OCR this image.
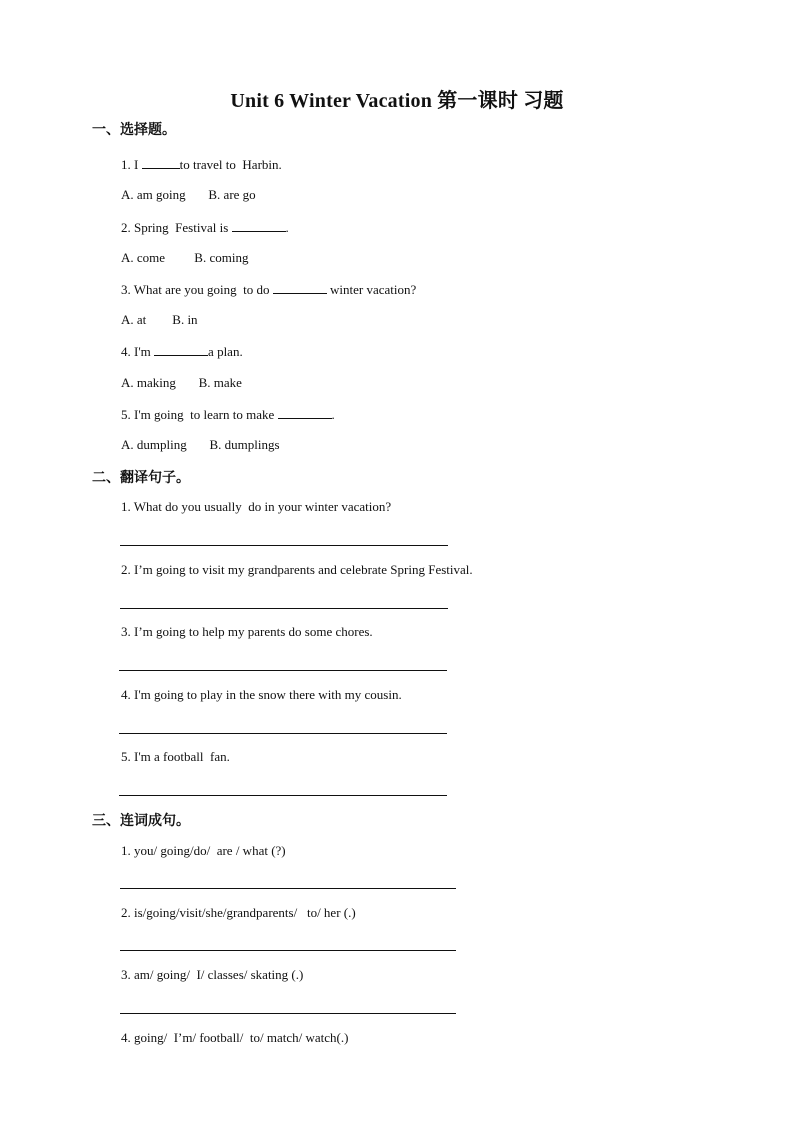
Unit 6 Winter Vacation 第一课时 习题
一、选择题。
1. I	to travel to  Harbin.
A. am going       B. are go
2. Spring  Festival is	.
A. come         B. coming
3. What are you going  to do	winter vacation?
A. at        B. in
4. I'm	a plan.
A. making       B. make
5. I'm going  to learn to make	.
A. dumpling       B. dumplings
二、翻译句子。
1. What do you usually  do in your winter vacation?
2. I’m going to visit my grandparents and celebrate Spring Festival.
3. I’m going to help my parents do some chores.
4. I'm going to play in the snow there with my cousin.
5. I'm a football  fan.
三、连词成句。
1. you/ going/do/  are / what (?)
2. is/going/visit/she/grandparents/   to/ her (.)
3. am/ going/  I/ classes/ skating (.)
4. going/  I’m/ football/  to/ match/ watch(.)
